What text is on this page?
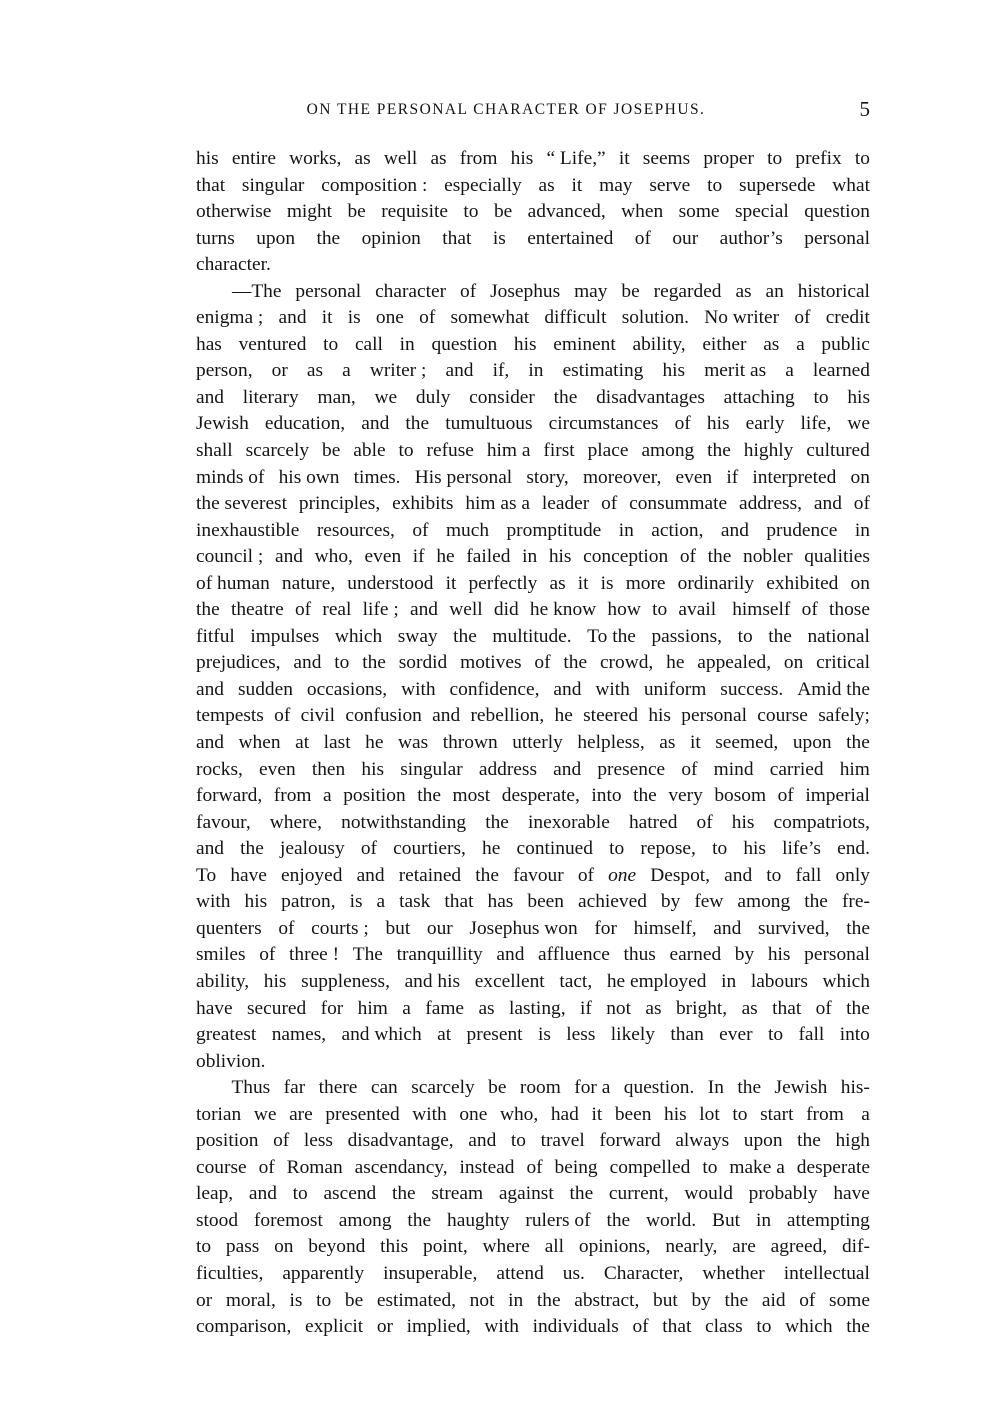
ON THE PERSONAL CHARACTER OF JOSEPHUS.	5
his entire works, as well as from his “ Life,” it seems proper to prefix to
that singular composition : especially as it may serve to supersede what
otherwise might be requisite to be advanced, when some special question
turns upon the opinion that is entertained of our author’s personal
character.
—The personal character of Josephus may be regarded as an historical
enigma ; and it is one of somewhat difficult solution. No writer of credit
has ventured to call in question his eminent ability, either as a public
person, or as a writer ; and if, in estimating his merit as a learned
and literary man, we duly consider the disadvantages attaching to his
Jewish education, and the tumultuous circumstances of his early life, we
shall scarcely be able to refuse him a first place among the highly cultured
minds of his own times. His personal story, moreover, even if interpreted on
the severest principles, exhibits him as a leader of consummate address, and of
inexhaustible resources, of much promptitude in action, and prudence in
council ; and who, even if he failed in his conception of the nobler qualities
of human nature, understood it perfectly as it is more ordinarily exhibited on
the theatre of real life ; and well did he know how to avail himself of those
fitful impulses which sway the multitude. To the passions, to the national
prejudices, and to the sordid motives of the crowd, he appealed, on critical
and sudden occasions, with confidence, and with uniform success. Amid the
tempests of civil confusion and rebellion, he steered his personal course safely;
and when at last he was thrown utterly helpless, as it seemed, upon the
rocks, even then his singular address and presence of mind carried him
forward, from a position the most desperate, into the very bosom of imperial
favour, where, notwithstanding the inexorable hatred of his compatriots,
and the jealousy of courtiers, he continued to repose, to his life’s end.
To have enjoyed and retained the favour of one Despot, and to fall only
with his patron, is a task that has been achieved by few among the fre-
quenters of courts ; but our Josephus won for himself, and survived, the
smiles of three ! The tranquillity and affluence thus earned by his personal
ability, his suppleness, and his excellent tact, he employed in labours which
have secured for him a fame as lasting, if not as bright, as that of the
greatest names, and which at present is less likely than ever to fall into
oblivion.
Thus far there can scarcely be room for a question. In the Jewish his-
torian we are presented with one who, had it been his lot to start from a
position of less disadvantage, and to travel forward always upon the high
course of Roman ascendancy, instead of being compelled to make a desperate
leap, and to ascend the stream against the current, would probably have
stood foremost among the haughty rulers of the world. But in attempting
to pass on beyond this point, where all opinions, nearly, are agreed, dif-
ficulties, apparently insuperable, attend us. Character, whether intellectual
or moral, is to be estimated, not in the abstract, but by the aid of some
comparison, explicit or implied, with individuals of that class to which the
